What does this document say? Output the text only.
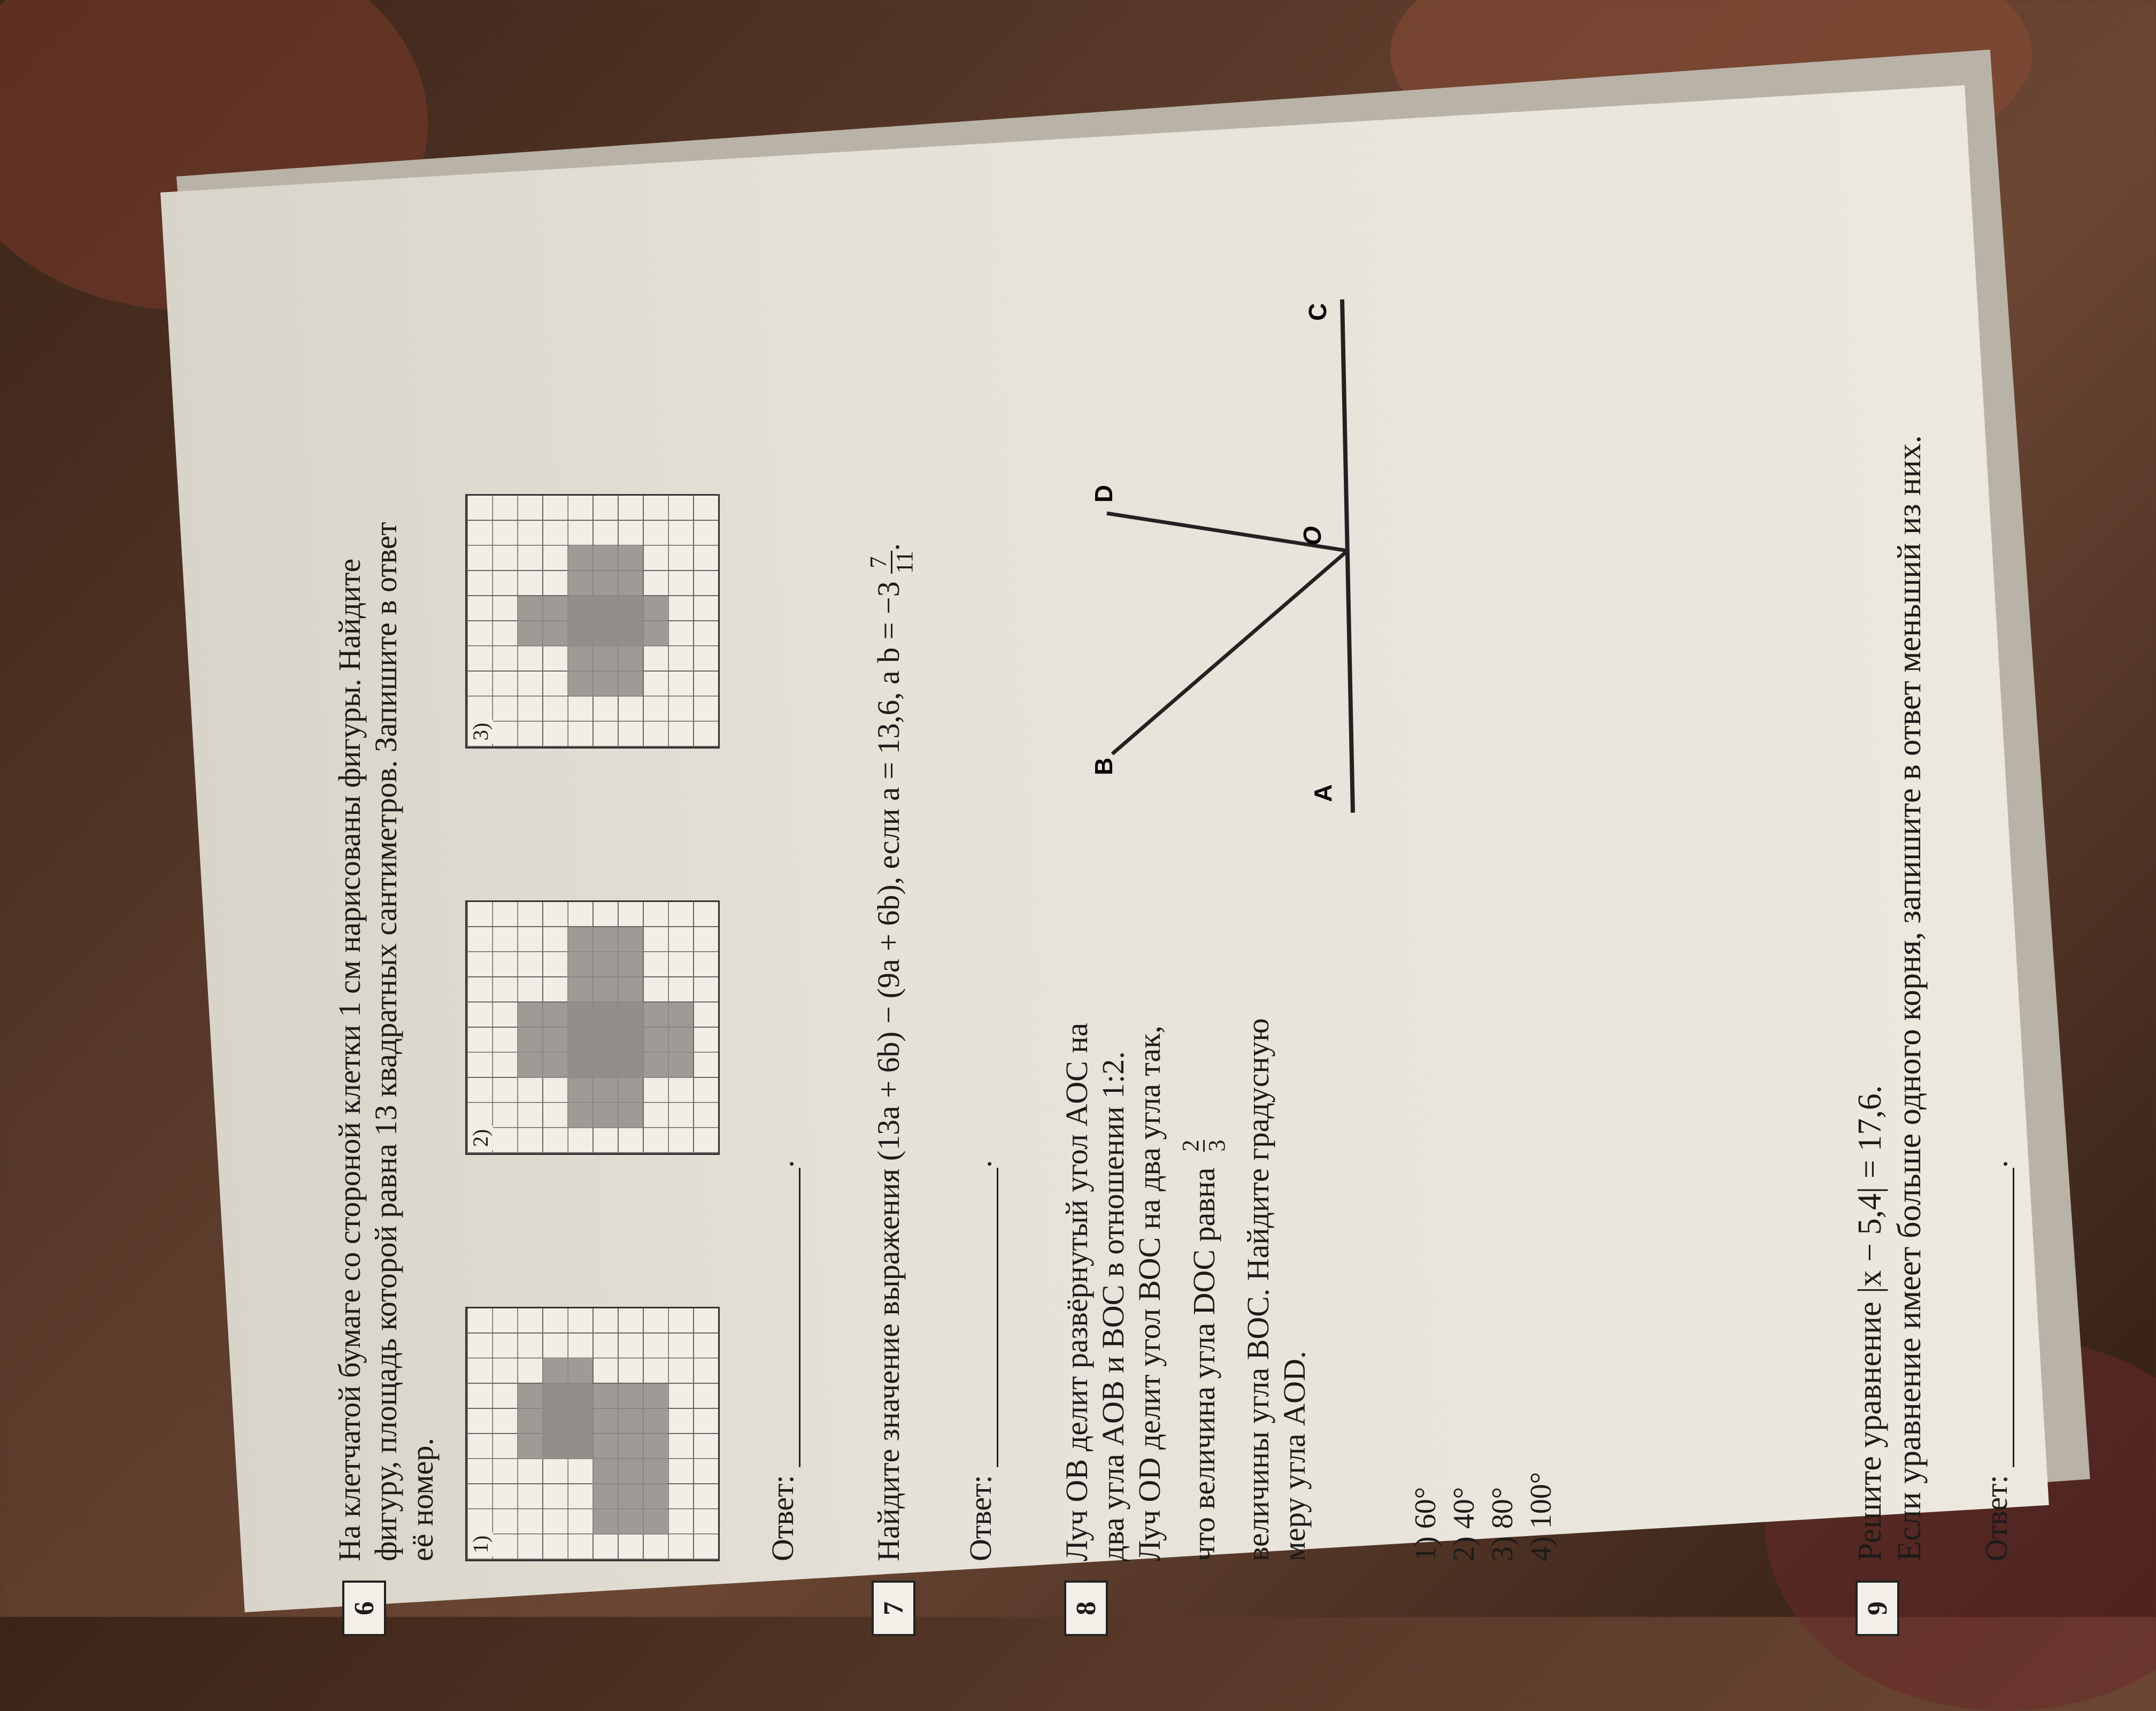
6
На клетчатой бумаге со стороной клетки 1 см нарисованы фигуры. Найдите фигуру, площадь которой равна 13 квадратных сантиметров. Запишите в ответ её номер. 1)
2)
3)
Ответ: .
7
Найдите значение выражения (13a + 6b) − (9a + 6b), если a = 13,6, а b = −3
7 11
.
Ответ: .
8
Луч OB делит развёрнутый угол AOC на два угла AOB и BOC в отношении 1:2. Луч OD делит угол BOC на два угла так, что величина угла DOC равна
2 3 величины угла BOC. Найдите градусную меру угла AOD.
A
B
C
D
O
1) 60° 2) 40° 3) 80° 4) 100°
9
Решите уравнение |x − 5,4| = 17,6. Если уравнение имеет больше одного корня, запишите в ответ меньший из них. Ответ: .
